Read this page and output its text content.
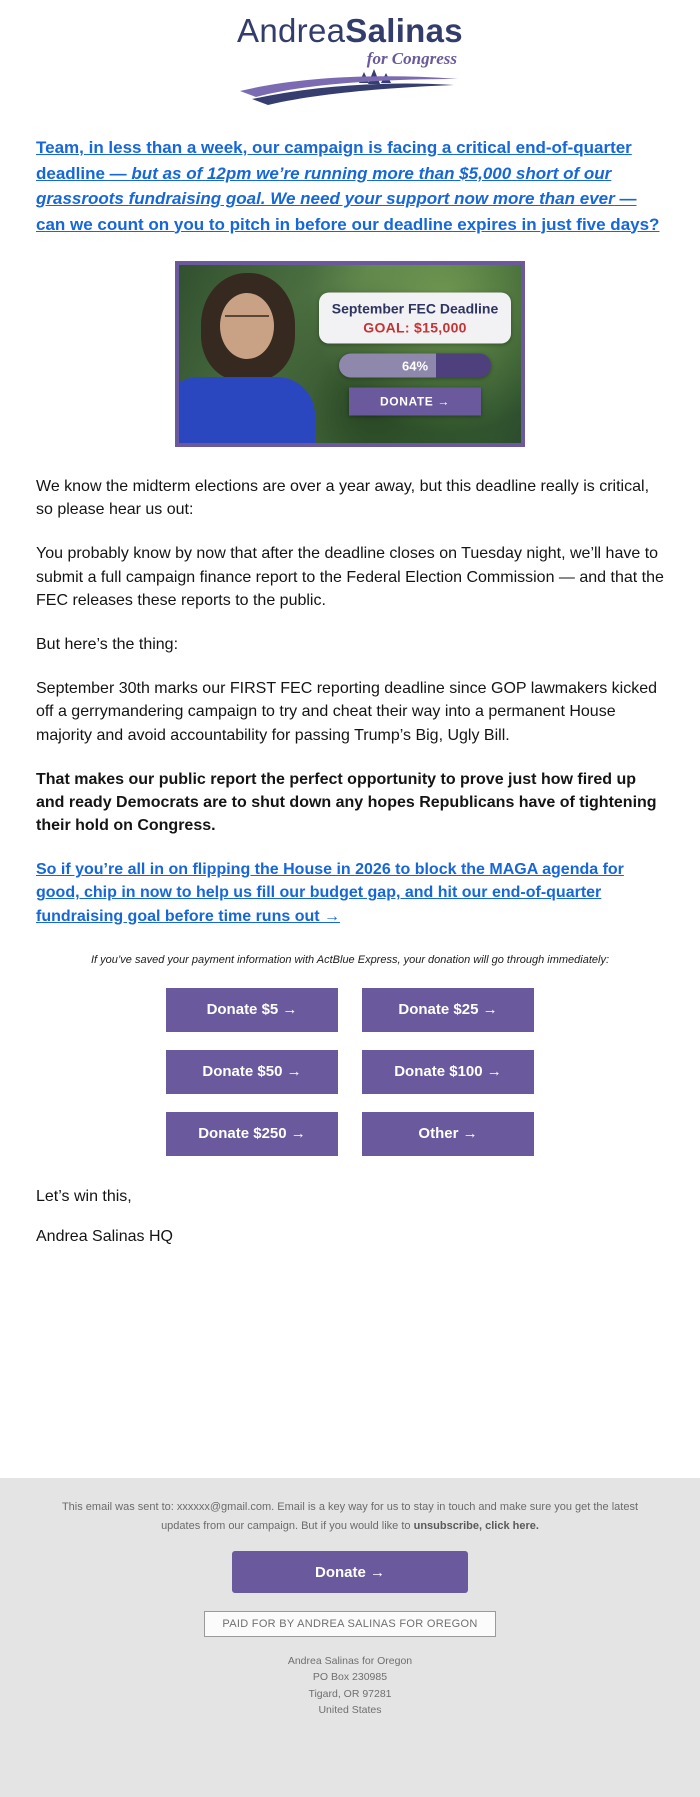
AndreaSalinas
for Congress

Team, in less than a week, our campaign is facing a critical end-of-quarter deadline — but as of 12pm we’re running more than $5,000 short of our grassroots fundraising goal. We need your support now more than ever — can we count on you to pitch in before our deadline expires in just five days?

September FEC Deadline
GOAL: $15,000
64%
DONATE →

We know the midterm elections are over a year away, but this deadline really is critical, so please hear us out:

You probably know by now that after the deadline closes on Tuesday night, we’ll have to submit a full campaign finance report to the Federal Election Commission — and that the FEC releases these reports to the public.

But here’s the thing:

September 30th marks our FIRST FEC reporting deadline since GOP lawmakers kicked off a gerrymandering campaign to try and cheat their way into a permanent House majority and avoid accountability for passing Trump’s Big, Ugly Bill.

That makes our public report the perfect opportunity to prove just how fired up and ready Democrats are to shut down any hopes Republicans have of tightening their hold on Congress.

So if you’re all in on flipping the House in 2026 to block the MAGA agenda for good, chip in now to help us fill our budget gap, and hit our end-of-quarter fundraising goal before time runs out →

If you’ve saved your payment information with ActBlue Express, your donation will go through immediately:

Donate $5 →	Donate $25 →
Donate $50 →	Donate $100 →
Donate $250 →	Other →

Let’s win this,

Andrea Salinas HQ

This email was sent to: xxxxxx@gmail.com. Email is a key way for us to stay in touch and make sure you get the latest updates from our campaign. But if you would like to unsubscribe, click here.

Donate →
PAID FOR BY ANDREA SALINAS FOR OREGON
Andrea Salinas for Oregon
PO Box 230985
Tigard, OR 97281
United States
